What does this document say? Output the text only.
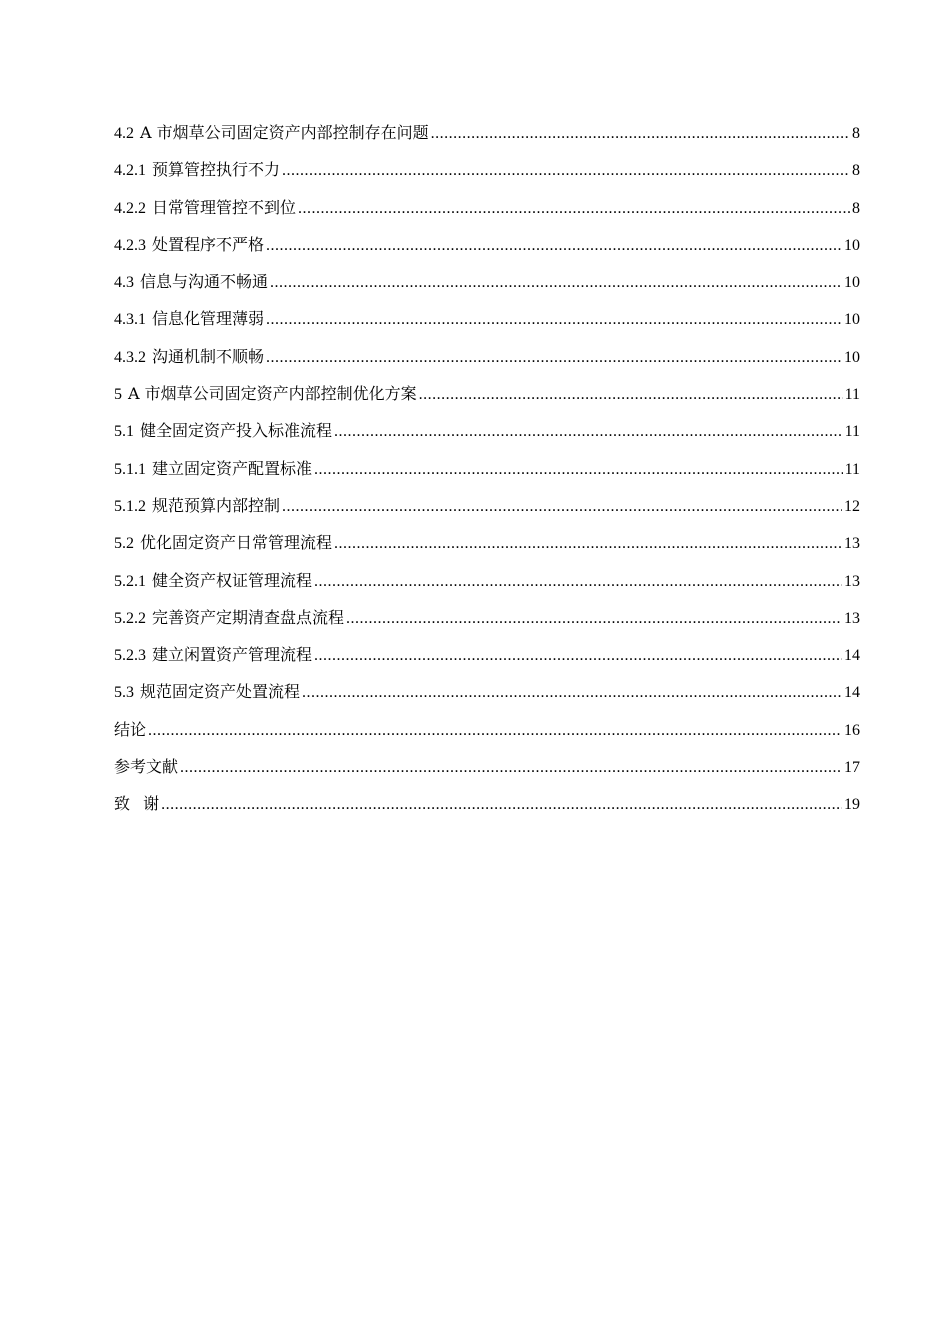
4.2 A 市烟草公司固定资产内部控制存在问题 .....	8
4.2.1 预算管控执行不力 .....	8
4.2.2 日常管理管控不到位 .....	8
4.2.3 处置程序不严格 .....	10
4.3 信息与沟通不畅通 .....	10
4.3.1 信息化管理薄弱 .....	10
4.3.2 沟通机制不顺畅 .....	10
5 A 市烟草公司固定资产内部控制优化方案 .....	11
5.1 健全固定资产投入标准流程 .....	11
5.1.1 建立固定资产配置标准 .....	11
5.1.2 规范预算内部控制 .....	12
5.2 优化固定资产日常管理流程 .....	13
5.2.1 健全资产权证管理流程 .....	13
5.2.2 完善资产定期清查盘点流程 .....	13
5.2.3 建立闲置资产管理流程 .....	14
5.3 规范固定资产处置流程 .....	14
结论 .....	16
参考文献 .....	17
致 谢 .....	19
